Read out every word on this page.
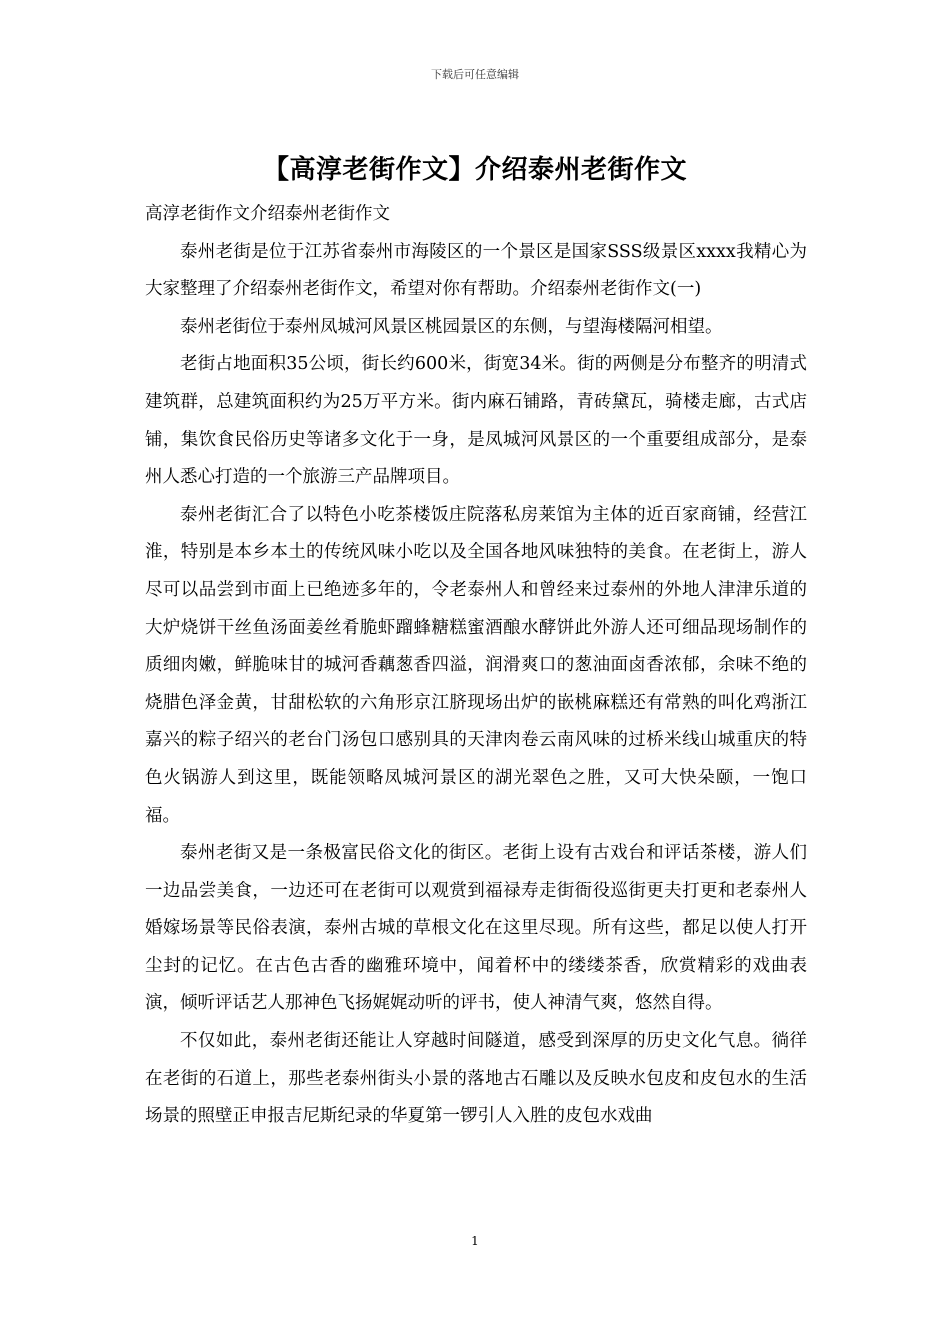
下载后可任意编辑
【高淳老街作文】介绍泰州老街作文

高淳老街作文介绍泰州老街作文

泰州老街是位于江苏省泰州市海陵区的一个景区是国家SSS级景区xxxx我精心为大家整理了介绍泰州老街作文，希望对你有帮助。介绍泰州老街作文(一)

泰州老街位于泰州凤城河风景区桃园景区的东侧，与望海楼隔河相望。

老街占地面积35公顷，街长约600米，街宽34米。街的两侧是分布整齐的明清式建筑群，总建筑面积约为25万平方米。街内麻石铺路，青砖黛瓦，骑楼走廊，古式店铺，集饮食民俗历史等诸多文化于一身，是凤城河风景区的一个重要组成部分，是泰州人悉心打造的一个旅游三产品牌项目。

泰州老街汇合了以特色小吃茶楼饭庄院落私房莱馆为主体的近百家商铺，经营江淮，特别是本乡本土的传统风味小吃以及全国各地风味独特的美食。在老街上，游人尽可以品尝到市面上已绝迹多年的，令老泰州人和曾经来过泰州的外地人津津乐道的大炉烧饼干丝鱼汤面姜丝肴脆虾蹓蜂糖糕蜜酒酿水酵饼此外游人还可细品现场制作的质细肉嫩，鲜脆味甘的城河香藕葱香四溢，润滑爽口的葱油面卤香浓郁，余味不绝的烧腊色泽金黄，甘甜松软的六角形京江脐现场出炉的嵌桃麻糕还有常熟的叫化鸡浙江嘉兴的粽子绍兴的老台门汤包口感别具的天津肉卷云南风味的过桥米线山城重庆的特色火锅游人到这里，既能领略凤城河景区的湖光翠色之胜，又可大快朵颐，一饱口福。

泰州老街又是一条极富民俗文化的街区。老街上设有古戏台和评话茶楼，游人们一边品尝美食，一边还可在老街可以观赏到福禄寿走街衙役巡街更夫打更和老泰州人婚嫁场景等民俗表演，泰州古城的草根文化在这里尽现。所有这些，都足以使人打开尘封的记忆。在古色古香的幽雅环境中，闻着杯中的缕缕茶香，欣赏精彩的戏曲表演，倾听评话艺人那神色飞扬娓娓动听的评书，使人神清气爽，悠然自得。

不仅如此，泰州老街还能让人穿越时间隧道，感受到深厚的历史文化气息。徜徉在老街的石道上，那些老泰州街头小景的落地古石雕以及反映水包皮和皮包水的生活场景的照壁正申报吉尼斯纪录的华夏第一锣引人入胜的皮包水戏曲

1
